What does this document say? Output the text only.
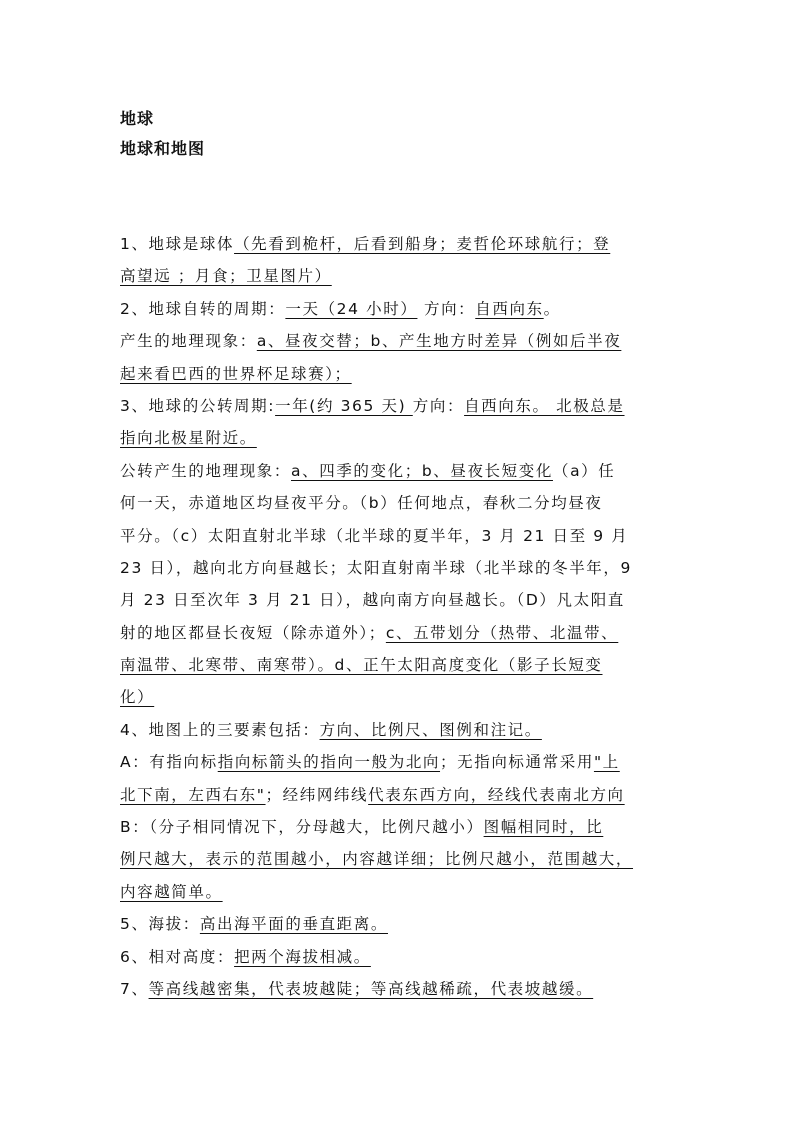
地球
地球和地图
1、地球是球体（先看到桅杆，后看到船身；麦哲伦环球航行；登
高望远 ；月食；卫星图片）
2、地球自转的周期：一天（24 小时） 方向：自西向东。
产生的地理现象：a、昼夜交替；b、产生地方时差异（例如后半夜
起来看巴西的世界杯足球赛）；
3、地球的公转周期:一年(约 365 天) 方向：自西向东。 北极总是
指向北极星附近。
公转产生的地理现象：a、四季的变化；b、昼夜长短变化（a）任
何一天，赤道地区均昼夜平分。（b）任何地点，春秋二分均昼夜
平分。（c）太阳直射北半球（北半球的夏半年，3 月 21 日至 9 月
23 日），越向北方向昼越长；太阳直射南半球（北半球的冬半年，9
月 23 日至次年 3 月 21 日），越向南方向昼越长。（D）凡太阳直
射的地区都昼长夜短（除赤道外）；c、五带划分（热带、北温带、
南温带、北寒带、南寒带）。d、正午太阳高度变化（影子长短变
化）
4、地图上的三要素包括：方向、比例尺、图例和注记。
A：有指向标指向标箭头的指向一般为北向；无指向标通常采用"上
北下南，左西右东"；经纬网纬线代表东西方向，经线代表南北方向
B：（分子相同情况下，分母越大，比例尺越小）图幅相同时，比
例尺越大，表示的范围越小，内容越详细；比例尺越小，范围越大，
内容越简单。
5、海拔：高出海平面的垂直距离。
6、相对高度：把两个海拔相减。
7、等高线越密集，代表坡越陡；等高线越稀疏，代表坡越缓。
